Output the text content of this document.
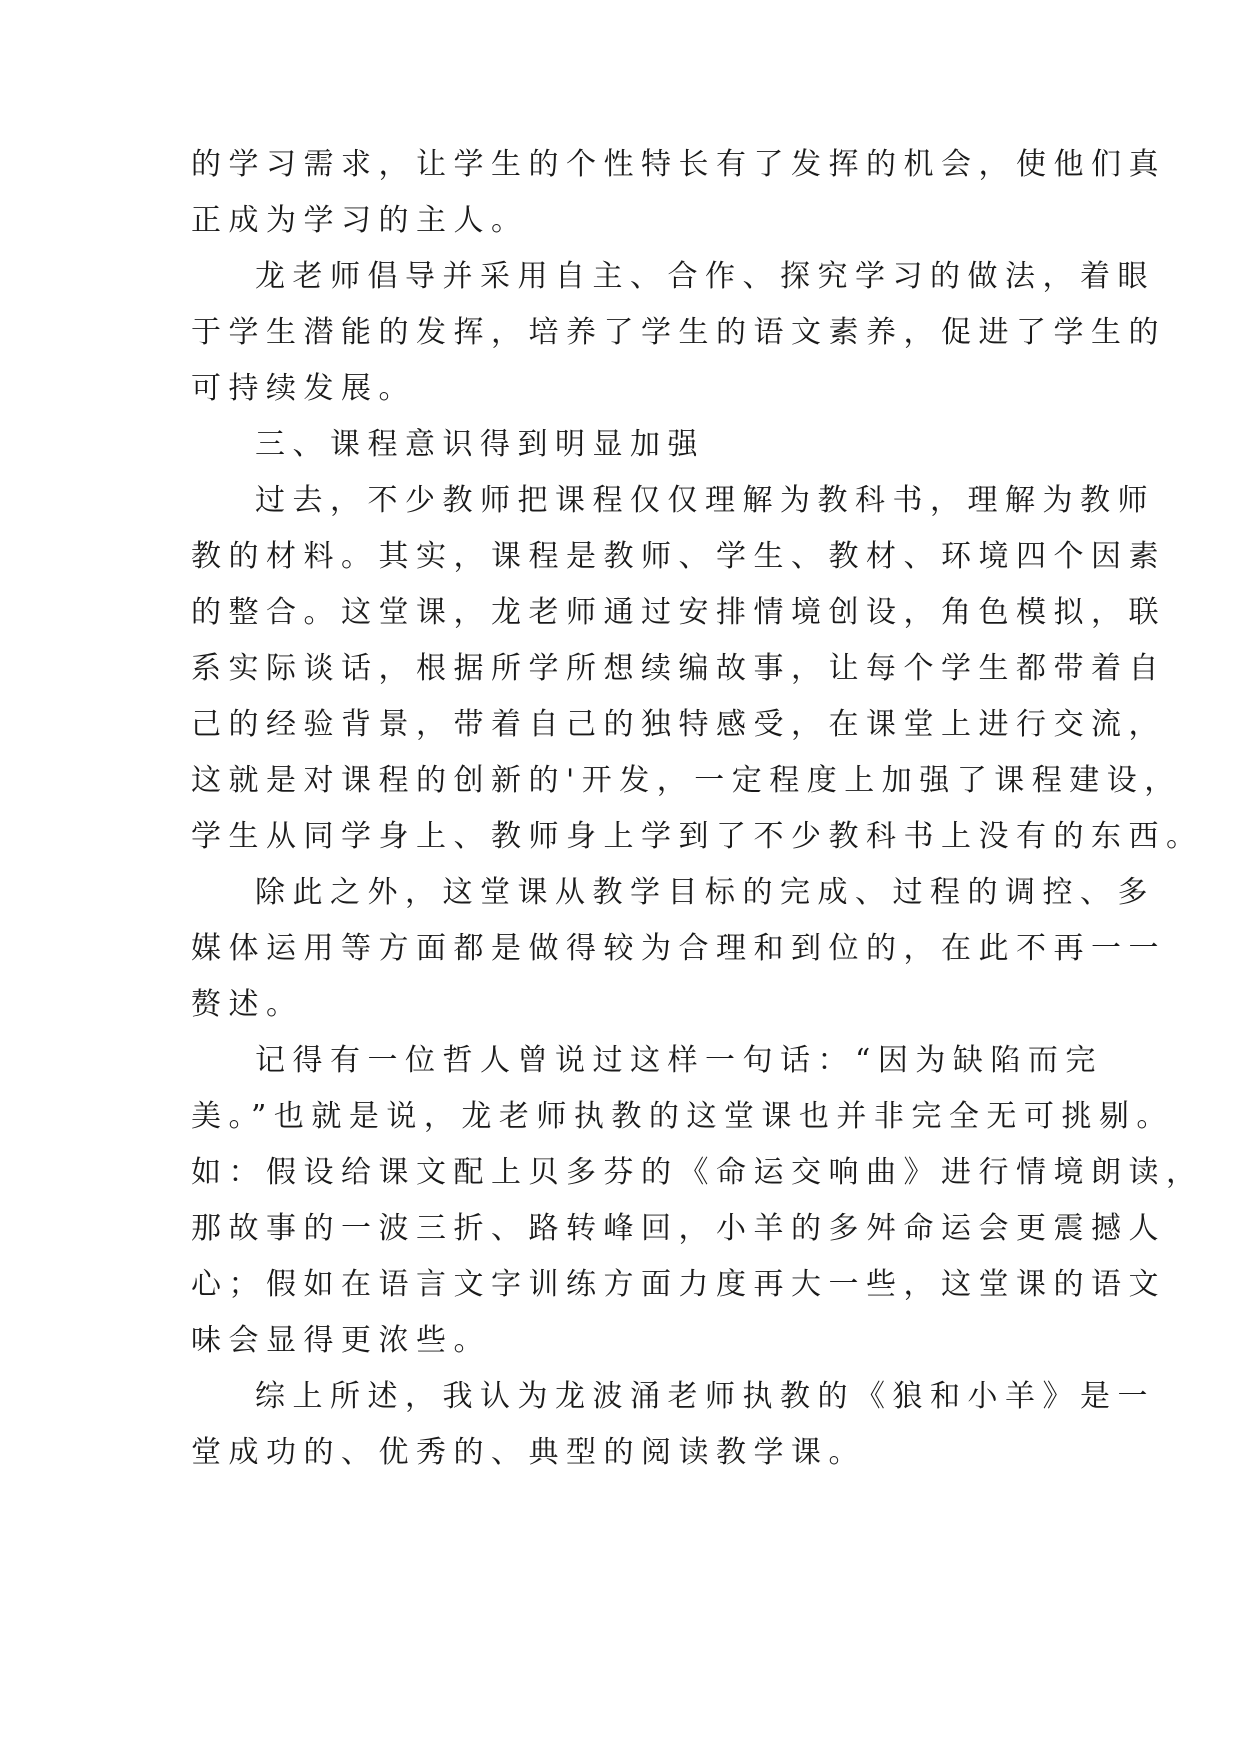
的学习需求，让学生的个性特长有了发挥的机会，使他们真
正成为学习的主人。
龙老师倡导并采用自主、合作、探究学习的做法，着眼
于学生潜能的发挥，培养了学生的语文素养，促进了学生的
可持续发展。
三、课程意识得到明显加强
过去，不少教师把课程仅仅理解为教科书，理解为教师
教的材料。其实，课程是教师、学生、教材、环境四个因素
的整合。这堂课，龙老师通过安排情境创设，角色模拟，联
系实际谈话，根据所学所想续编故事，让每个学生都带着自
己的经验背景，带着自己的独特感受，在课堂上进行交流，
这就是对课程的创新的'开发，一定程度上加强了课程建设，
学生从同学身上、教师身上学到了不少教科书上没有的东西。
除此之外，这堂课从教学目标的完成、过程的调控、多
媒体运用等方面都是做得较为合理和到位的，在此不再一一
赘述。
记得有一位哲人曾说过这样一句话：“因为缺陷而完
美。”也就是说，龙老师执教的这堂课也并非完全无可挑剔。
如：假设给课文配上贝多芬的《命运交响曲》进行情境朗读，
那故事的一波三折、路转峰回，小羊的多舛命运会更震撼人
心；假如在语言文字训练方面力度再大一些，这堂课的语文
味会显得更浓些。
综上所述，我认为龙波涌老师执教的《狼和小羊》是一
堂成功的、优秀的、典型的阅读教学课。
